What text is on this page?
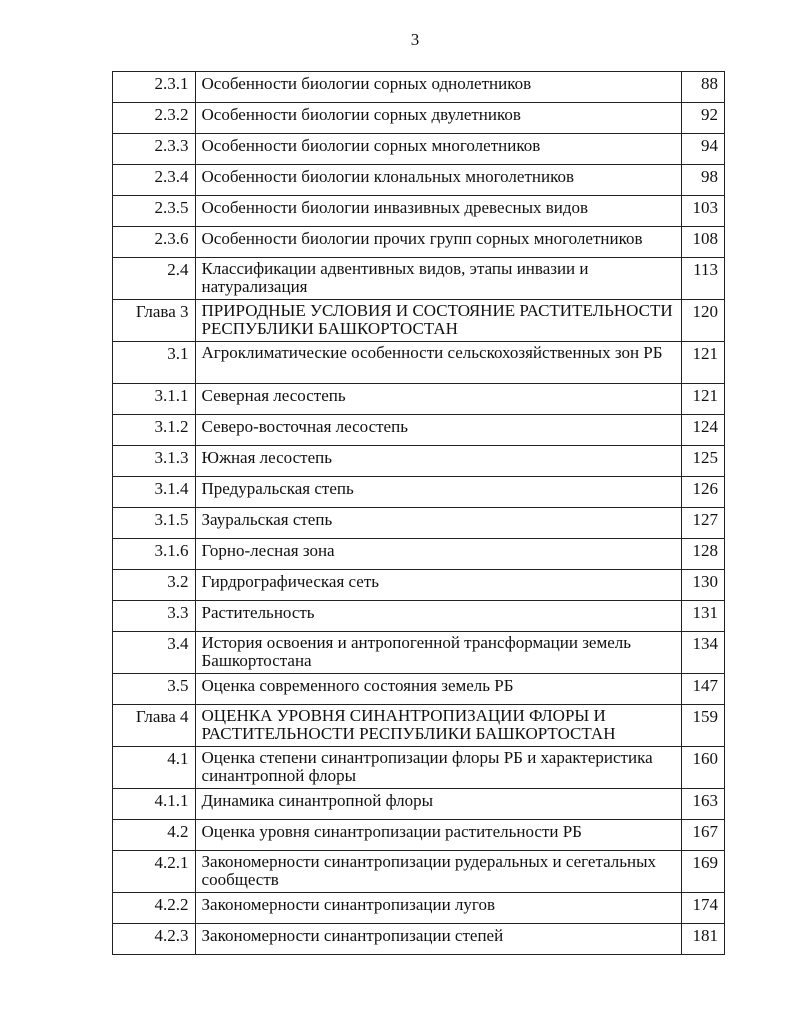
3
2.3.1	Особенности биологии сорных однолетников	88
2.3.2	Особенности биологии сорных двулетников	92
2.3.3	Особенности биологии сорных многолетников	94
2.3.4	Особенности биологии клональных многолетников	98
2.3.5	Особенности биологии инвазивных древесных видов	103
2.3.6	Особенности биологии прочих групп сорных многолетников	108
2.4	Классификации адвентивных видов, этапы инвазии и натурализация	113
Глава 3	ПРИРОДНЫЕ УСЛОВИЯ И СОСТОЯНИЕ РАСТИТЕЛЬНОСТИ РЕСПУБЛИКИ БАШКОРТОСТАН	120
3.1	Агроклиматические особенности сельскохозяйственных зон РБ	121
3.1.1	Северная лесостепь	121
3.1.2	Северо-восточная лесостепь	124
3.1.3	Южная лесостепь	125
3.1.4	Предуральская степь	126
3.1.5	Зауральская степь	127
3.1.6	Горно-лесная зона	128
3.2	Гирдрографическая сеть	130
3.3	Растительность	131
3.4	История освоения и антропогенной трансформации земель Башкортостана	134
3.5	Оценка современного состояния земель РБ	147
Глава 4	ОЦЕНКА УРОВНЯ СИНАНТРОПИЗАЦИИ ФЛОРЫ И РАСТИТЕЛЬНОСТИ РЕСПУБЛИКИ БАШКОРТОСТАН	159
4.1	Оценка степени синантропизации флоры РБ и характеристика синантропной флоры	160
4.1.1	Динамика синантропной флоры	163
4.2	Оценка уровня синантропизации растительности РБ	167
4.2.1	Закономерности синантропизации рудеральных и сегетальных сообществ	169
4.2.2	Закономерности синантропизации лугов	174
4.2.3	Закономерности синантропизации степей	181
